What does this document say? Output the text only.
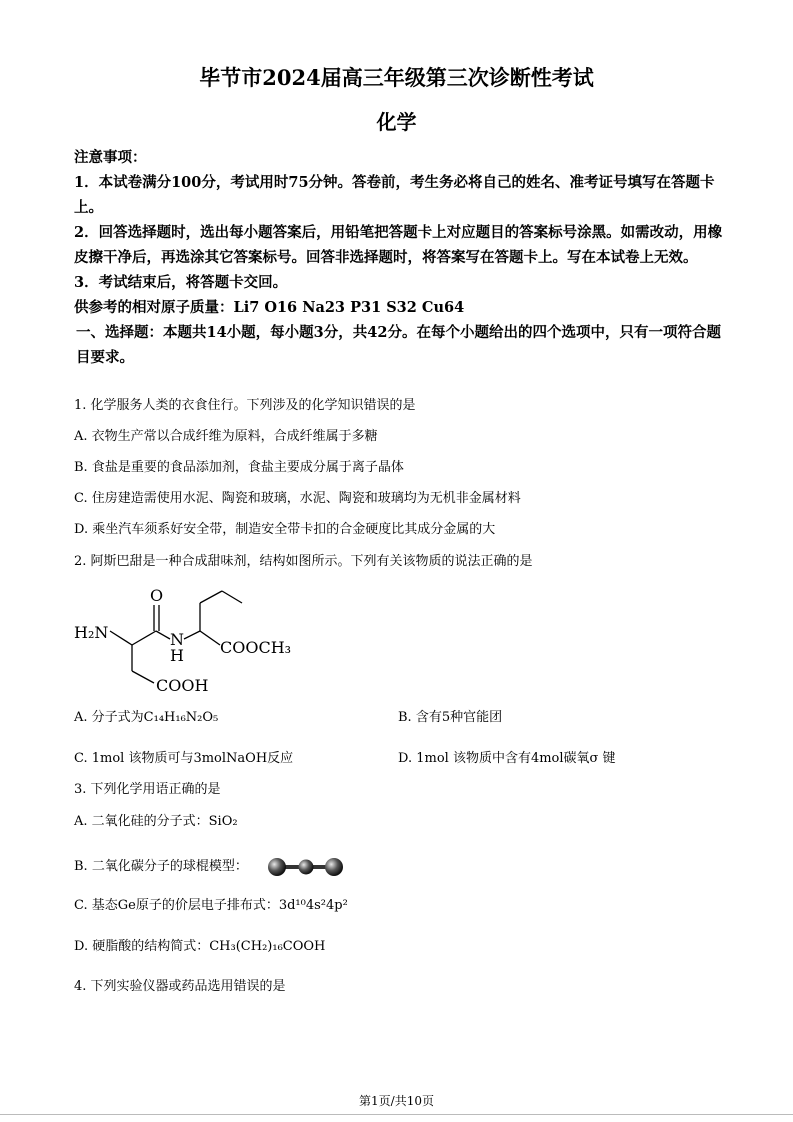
毕节市2024届高三年级第三次诊断性考试
化学

注意事项：

1．本试卷满分100分，考试用时75分钟。答卷前，考生务必将自己的姓名、准考证号填写在答题卡上。

2．回答选择题时，选出每小题答案后，用铅笔把答题卡上对应题目的答案标号涂黑。如需改动，用橡皮擦干净后，再选涂其它答案标号。回答非选择题时，将答案写在答题卡上。写在本试卷上无效。

3．考试结束后，将答题卡交回。

供参考的相对原子质量：Li7 O16 Na23 P31 S32 Cu64

一、选择题：本题共14小题，每小题3分，共42分。在每个小题给出的四个选项中，只有一项符合题目要求。

1. 化学服务人类的衣食住行。下列涉及的化学知识错误的是
A. 衣物生产常以合成纤维为原料，合成纤维属于多糖
B. 食盐是重要的食品添加剂，食盐主要成分属于离子晶体
C. 住房建造需使用水泥、陶瓷和玻璃，水泥、陶瓷和玻璃均为无机非金属材料
D. 乘坐汽车须系好安全带，制造安全带卡扣的合金硬度比其成分金属的大
2. 阿斯巴甜是一种合成甜味剂，结构如图所示。下列有关该物质的说法正确的是
O
H₂N	N
H COOCH₃
COOH
A. 分子式为C₁₄H₁₆N₂O₅	B. 含有5种官能团
C. 1mol 该物质可与3molNaOH反应	D. 1mol 该物质中含有4mol碳氧σ 键
3. 下列化学用语正确的是
A. 二氧化硅的分子式：SiO₂
B. 二氧化碳分子的球棍模型：
C. 基态Ge原子的价层电子排布式：3d¹⁰4s²4p²
D. 硬脂酸的结构简式：CH₃(CH₂)₁₆COOH
4. 下列实验仪器或药品选用错误的是
第1页/共10页
